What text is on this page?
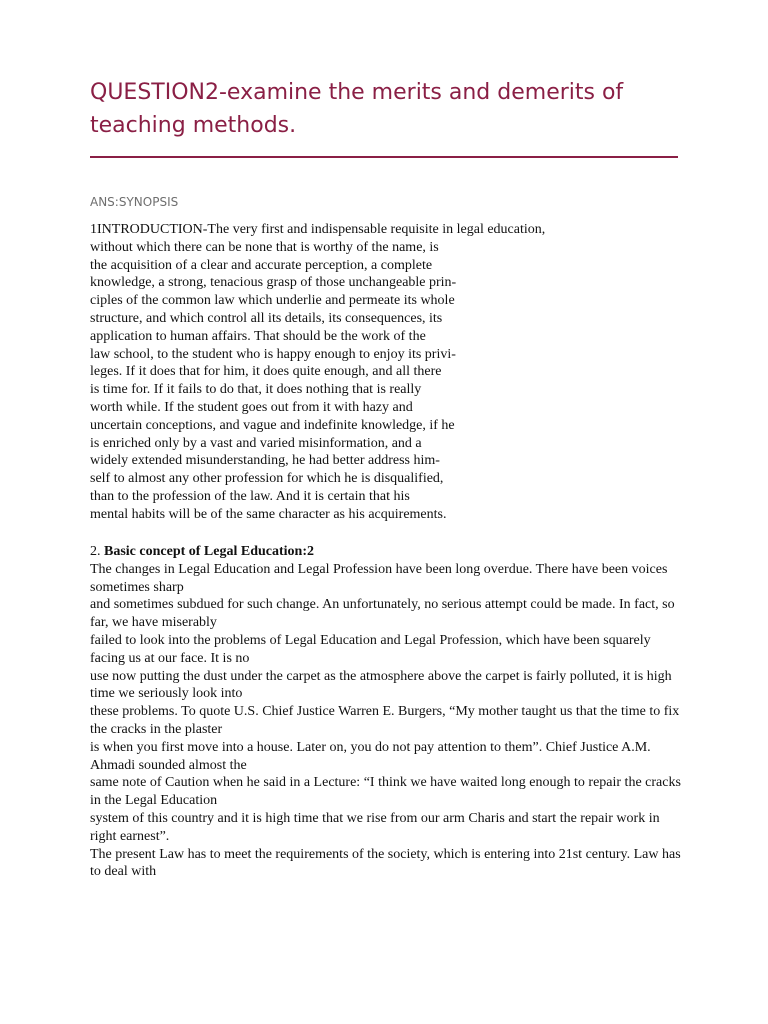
QUESTION2-examine the merits and demerits of teaching methods.
ANS:SYNOPSIS
1INTRODUCTION-The very first and indispensable requisite in legal education,
without which there can be none that is worthy of the name, is
the acquisition of a clear and accurate perception, a complete
knowledge, a strong, tenacious grasp of those unchangeable prin-
ciples of the common law which underlie and permeate its whole
structure, and which control all its details, its consequences, its
application to human affairs. That should be the work of the
law school, to the student who is happy enough to enjoy its privi-
leges. If it does that for him, it does quite enough, and all there
is time for. If it fails to do that, it does nothing that is really
worth while. If the student goes out from it with hazy and
uncertain conceptions, and vague and indefinite knowledge, if he
is enriched only by a vast and varied misinformation, and a
widely extended misunderstanding, he had better address him-
self to almost any other profession for which he is disqualified,
than to the profession of the law. And it is certain that his
mental habits will be of the same character as his acquirements.
2. Basic concept of Legal Education:2
The changes in Legal Education and Legal Profession have been long overdue. There have been voices sometimes sharp
and sometimes subdued for such change. An unfortunately, no serious attempt could be made. In fact, so far, we have miserably
failed to look into the problems of Legal Education and Legal Profession, which have been squarely facing us at our face. It is no
use now putting the dust under the carpet as the atmosphere above the carpet is fairly polluted, it is high time we seriously look into
these problems. To quote U.S. Chief Justice Warren E. Burgers, “My mother taught us that the time to fix the cracks in the plaster
is when you first move into a house. Later on, you do not pay attention to them”. Chief Justice A.M. Ahmadi sounded almost the
same note of Caution when he said in a Lecture: “I think we have waited long enough to repair the cracks in the Legal Education
system of this country and it is high time that we rise from our arm Charis and start the repair work in right earnest”.
The present Law has to meet the requirements of the society, which is entering into 21st century. Law has to deal with
